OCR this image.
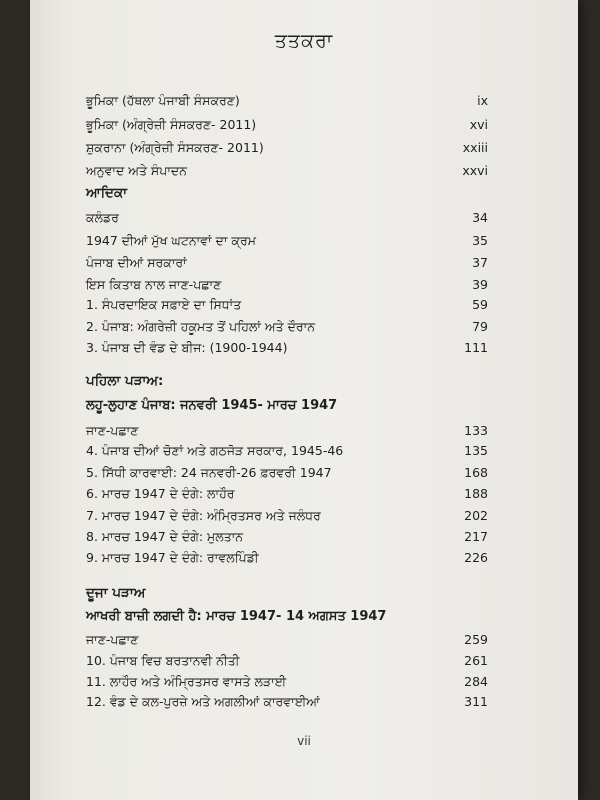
ਤਤਕਰਾ
ਭੂਮਿਕਾ (ਹੱਥਲਾ ਪੰਜਾਬੀ ਸੰਸਕਰਣ)	ix
ਭੂਮਿਕਾ (ਅੰਗ੍ਰੇਜ਼ੀ ਸੰਸਕਰਣ- 2011)	xvi
ਸ਼ੁਕਰਾਨਾ (ਅੰਗ੍ਰੇਜ਼ੀ ਸੰਸਕਰਣ- 2011)	xxiii
ਅਨੁਵਾਦ ਅਤੇ ਸੰਪਾਦਨ	xxvi
ਆਦਿਕਾ
ਕਲੰਡਰ	34
1947 ਦੀਆਂ ਮੁੱਖ ਘਟਨਾਵਾਂ ਦਾ ਕ੍ਰਮ	35
ਪੰਜਾਬ ਦੀਆਂ ਸਰਕਾਰਾਂ	37
ਇਸ ਕਿਤਾਬ ਨਾਲ ਜਾਣ-ਪਛਾਣ	39
1. ਸੰਪਰਦਾਇਕ ਸਫ਼ਾਏ ਦਾ ਸਿਧਾਂਤ	59
2. ਪੰਜਾਬ: ਅੰਗਰੇਜ਼ੀ ਹਕੂਮਤ ਤੋਂ ਪਹਿਲਾਂ ਅਤੇ ਦੌਰਾਨ	79
3. ਪੰਜਾਬ ਦੀ ਵੰਡ ਦੇ ਬੀਜ: (1900-1944)	111
ਪਹਿਲਾ ਪੜਾਅ:
ਲਹੂ-ਲੁਹਾਣ ਪੰਜਾਬ: ਜਨਵਰੀ 1945- ਮਾਰਚ 1947
ਜਾਣ-ਪਛਾਣ	133
4. ਪੰਜਾਬ ਦੀਆਂ ਚੋਣਾਂ ਅਤੇ ਗਠਜੋੜ ਸਰਕਾਰ, 1945-46	135
5. ਸਿੱਧੀ ਕਾਰਵਾਈ: 24 ਜਨਵਰੀ-26 ਫ਼ਰਵਰੀ 1947	168
6. ਮਾਰਚ 1947 ਦੇ ਦੰਗੇ: ਲਾਹੌਰ	188
7. ਮਾਰਚ 1947 ਦੇ ਦੰਗੇ: ਅੰਮ੍ਰਿਤਸਰ ਅਤੇ ਜਲੰਧਰ	202
8. ਮਾਰਚ 1947 ਦੇ ਦੰਗੇ: ਮੁਲਤਾਨ	217
9. ਮਾਰਚ 1947 ਦੇ ਦੰਗੇ: ਰਾਵਲਪਿੰਡੀ	226
ਦੂਜਾ ਪੜਾਅ
ਆਖਰੀ ਬਾਜ਼ੀ ਲਗਦੀ ਹੈ: ਮਾਰਚ 1947- 14 ਅਗਸਤ 1947
ਜਾਣ-ਪਛਾਣ	259
10. ਪੰਜਾਬ ਵਿਚ ਬਰਤਾਨਵੀ ਨੀਤੀ	261
11. ਲਾਹੌਰ ਅਤੇ ਅੰਮ੍ਰਿਤਸਰ ਵਾਸਤੇ ਲੜਾਈ	284
12. ਵੰਡ ਦੇ ਕਲ-ਪੁਰਜ਼ੇ ਅਤੇ ਅਗਲੀਆਂ ਕਾਰਵਾਈਆਂ	311
vii
